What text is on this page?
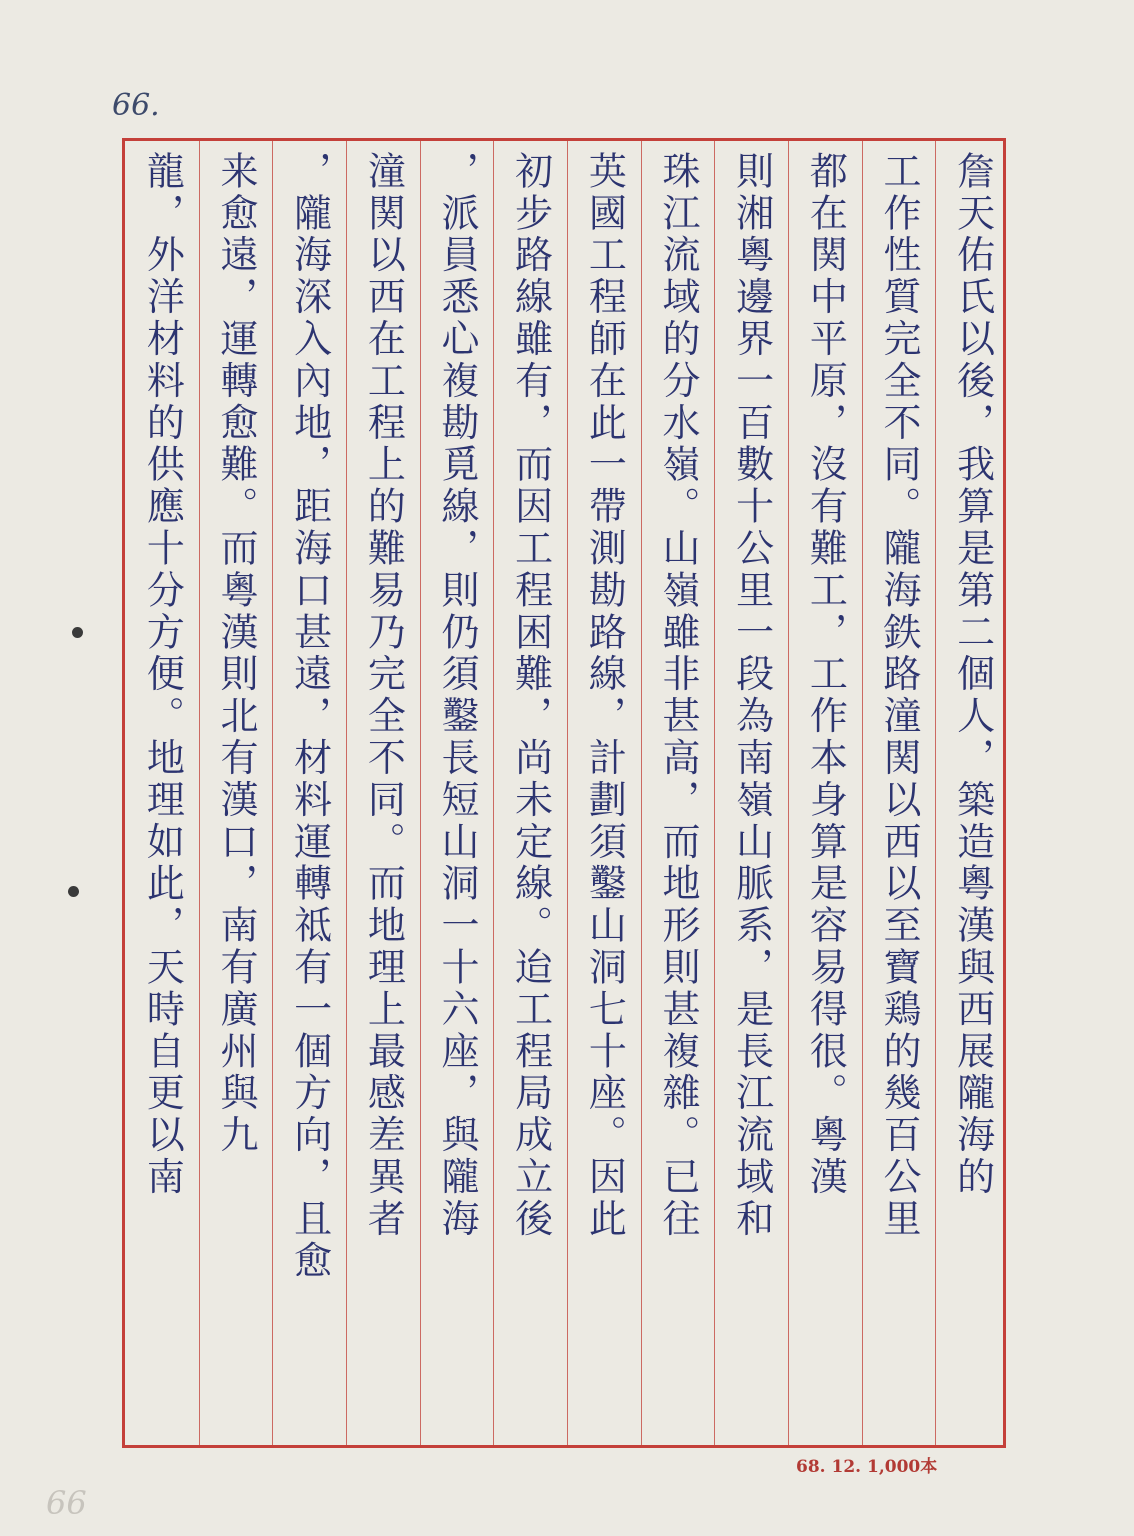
66.
詹天佑氏以後，我算是第二個人，築造粵漢與西展隴海的
工作性質完全不同。隴海鉄路潼関以西以至寶鶏的幾百公里
都在関中平原，沒有難工，工作本身算是容易得很。粵漢
則湘粵邊界一百數十公里一段為南嶺山脈系，是長江流域和
珠江流域的分水嶺。山嶺雖非甚高，而地形則甚複雜。已往
英國工程師在此一帶測勘路線，計劃須鑿山洞七十座。因此
初步路線雖有，而因工程困難，尚未定線。迨工程局成立後
，派員悉心複勘覓線，則仍須鑿長短山洞一十六座，與隴海
潼関以西在工程上的難易乃完全不同。而地理上最感差異者
，隴海深入內地，距海口甚遠，材料運轉祗有一個方向，且愈
来愈遠，運轉愈難。而粵漢則北有漢口，南有廣州與九
龍，外洋材料的供應十分方便。地理如此，天時自更以南
68. 12. 1,000本
66
